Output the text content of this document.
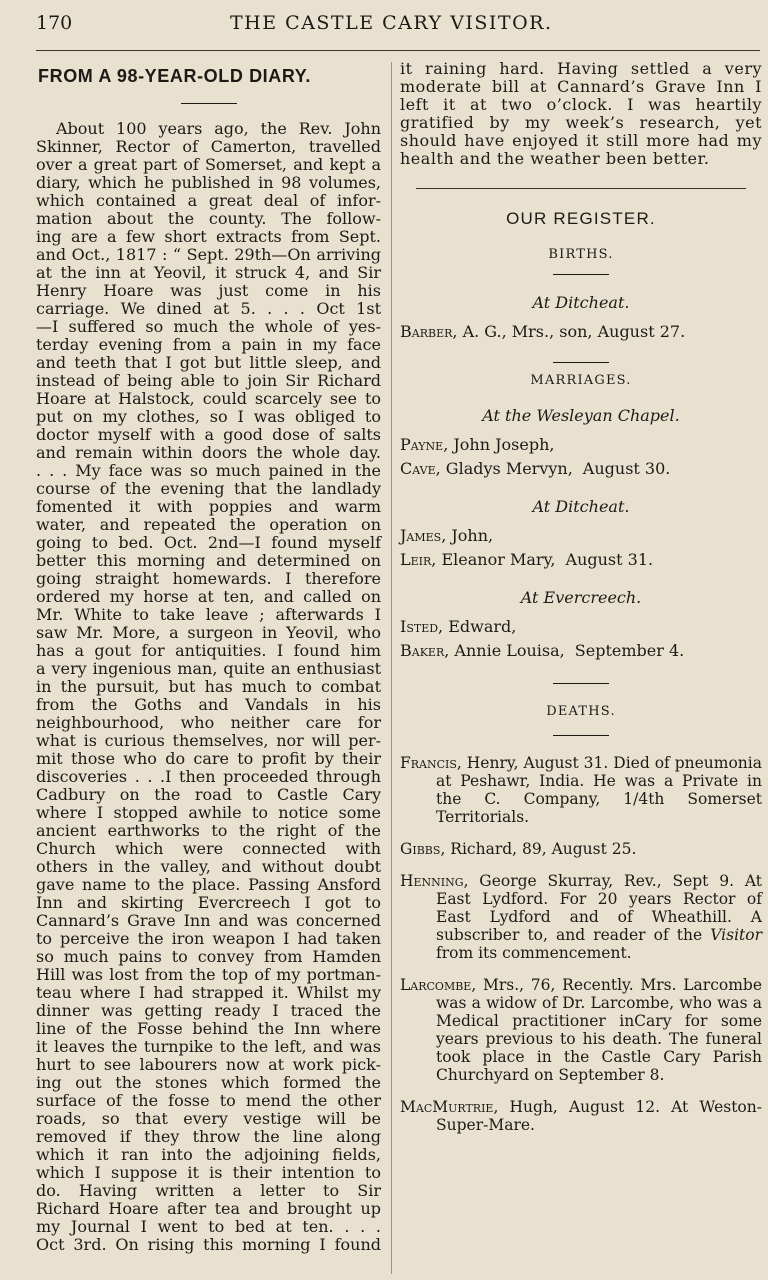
170	THE CASTLE CARY VISITOR.
FROM A 98-YEAR-OLD DIARY.

About 100 years ago, the Rev. John
Skinner, Rector of Camerton, travelled
over a great part of Somerset, and kept a
diary, which he published in 98 volumes,
which contained a great deal of infor-
mation about the county. The follow-
ing are a few short extracts from Sept.
and Oct., 1817 : “ Sept. 29th—On arriving
at the inn at Yeovil, it struck 4, and Sir
Henry Hoare was just come in his
carriage. We dined at 5. . . . Oct 1st
—I suffered so much the whole of yes-
terday evening from a pain in my face
and teeth that I got but little sleep, and
instead of being able to join Sir Richard
Hoare at Halstock, could scarcely see to
put on my clothes, so I was obliged to
doctor myself with a good dose of salts
and remain within doors the whole day.
. . . My face was so much pained in the
course of the evening that the landlady
fomented it with poppies and warm
water, and repeated the operation on
going to bed. Oct. 2nd—I found myself
better this morning and determined on
going straight homewards. I therefore
ordered my horse at ten, and called on
Mr. White to take leave ; afterwards I
saw Mr. More, a surgeon in Yeovil, who
has a gout for antiquities. I found him
a very ingenious man, quite an enthusiast
in the pursuit, but has much to combat
from the Goths and Vandals in his
neighbourhood, who neither care for
what is curious themselves, nor will per-
mit those who do care to profit by their
discoveries . . .I then proceeded through
Cadbury on the road to Castle Cary
where I stopped awhile to notice some
ancient earthworks to the right of the
Church which were connected with
others in the valley, and without doubt
gave name to the place. Passing Ansford
Inn and skirting Evercreech I got to
Cannard’s Grave Inn and was concerned
to perceive the iron weapon I had taken
so much pains to convey from Hamden
Hill was lost from the top of my portman-
teau where I had strapped it. Whilst my
dinner was getting ready I traced the
line of the Fosse behind the Inn where
it leaves the turnpike to the left, and was
hurt to see labourers now at work pick-
ing out the stones which formed the
surface of the fosse to mend the other
roads, so that every vestige will be
removed if they throw the line along
which it ran into the adjoining fields,
which I suppose it is their intention to
do. Having written a letter to Sir
Richard Hoare after tea and brought up
my Journal I went to bed at ten. . . .
Oct 3rd. On rising this morning I found

it raining hard. Having settled a very
moderate bill at Cannard’s Grave Inn I
left it at two o’clock. I was heartily
gratified by my week’s research, yet
should have enjoyed it still more had my
health and the weather been better.

OUR REGISTER.
BIRTHS.
At Ditcheat.
Barber, A. G., Mrs., son, August 27.
MARRIAGES.
At the Wesleyan Chapel.
Payne, John Joseph,
Cave, Gladys Mervyn, August 30.
At Ditcheat.
James, John,
Leir, Eleanor Mary, August 31.
At Evercreech.
Isted, Edward,
Baker, Annie Louisa, September 4.
DEATHS.

Francis, Henry, August 31. Died of pneumonia at Peshawr, India. He was a Private in the C. Company, 1/4th Somerset Territorials.

Gibbs, Richard, 89, August 25.

Henning, George Skurray, Rev., Sept 9. At East Lydford. For 20 years Rector of East Lydford and of Wheathill. A subscriber to, and reader of the Visitor from its commencement.

Larcombe, Mrs., 76, Recently. Mrs. Larcombe was a widow of Dr. Larcombe, who was a Medical practitioner inCary for some years previous to his death. The funeral took place in the Castle Cary Parish Churchyard on September 8.

MacMurtrie, Hugh, August 12. At Weston-Super-Mare.
